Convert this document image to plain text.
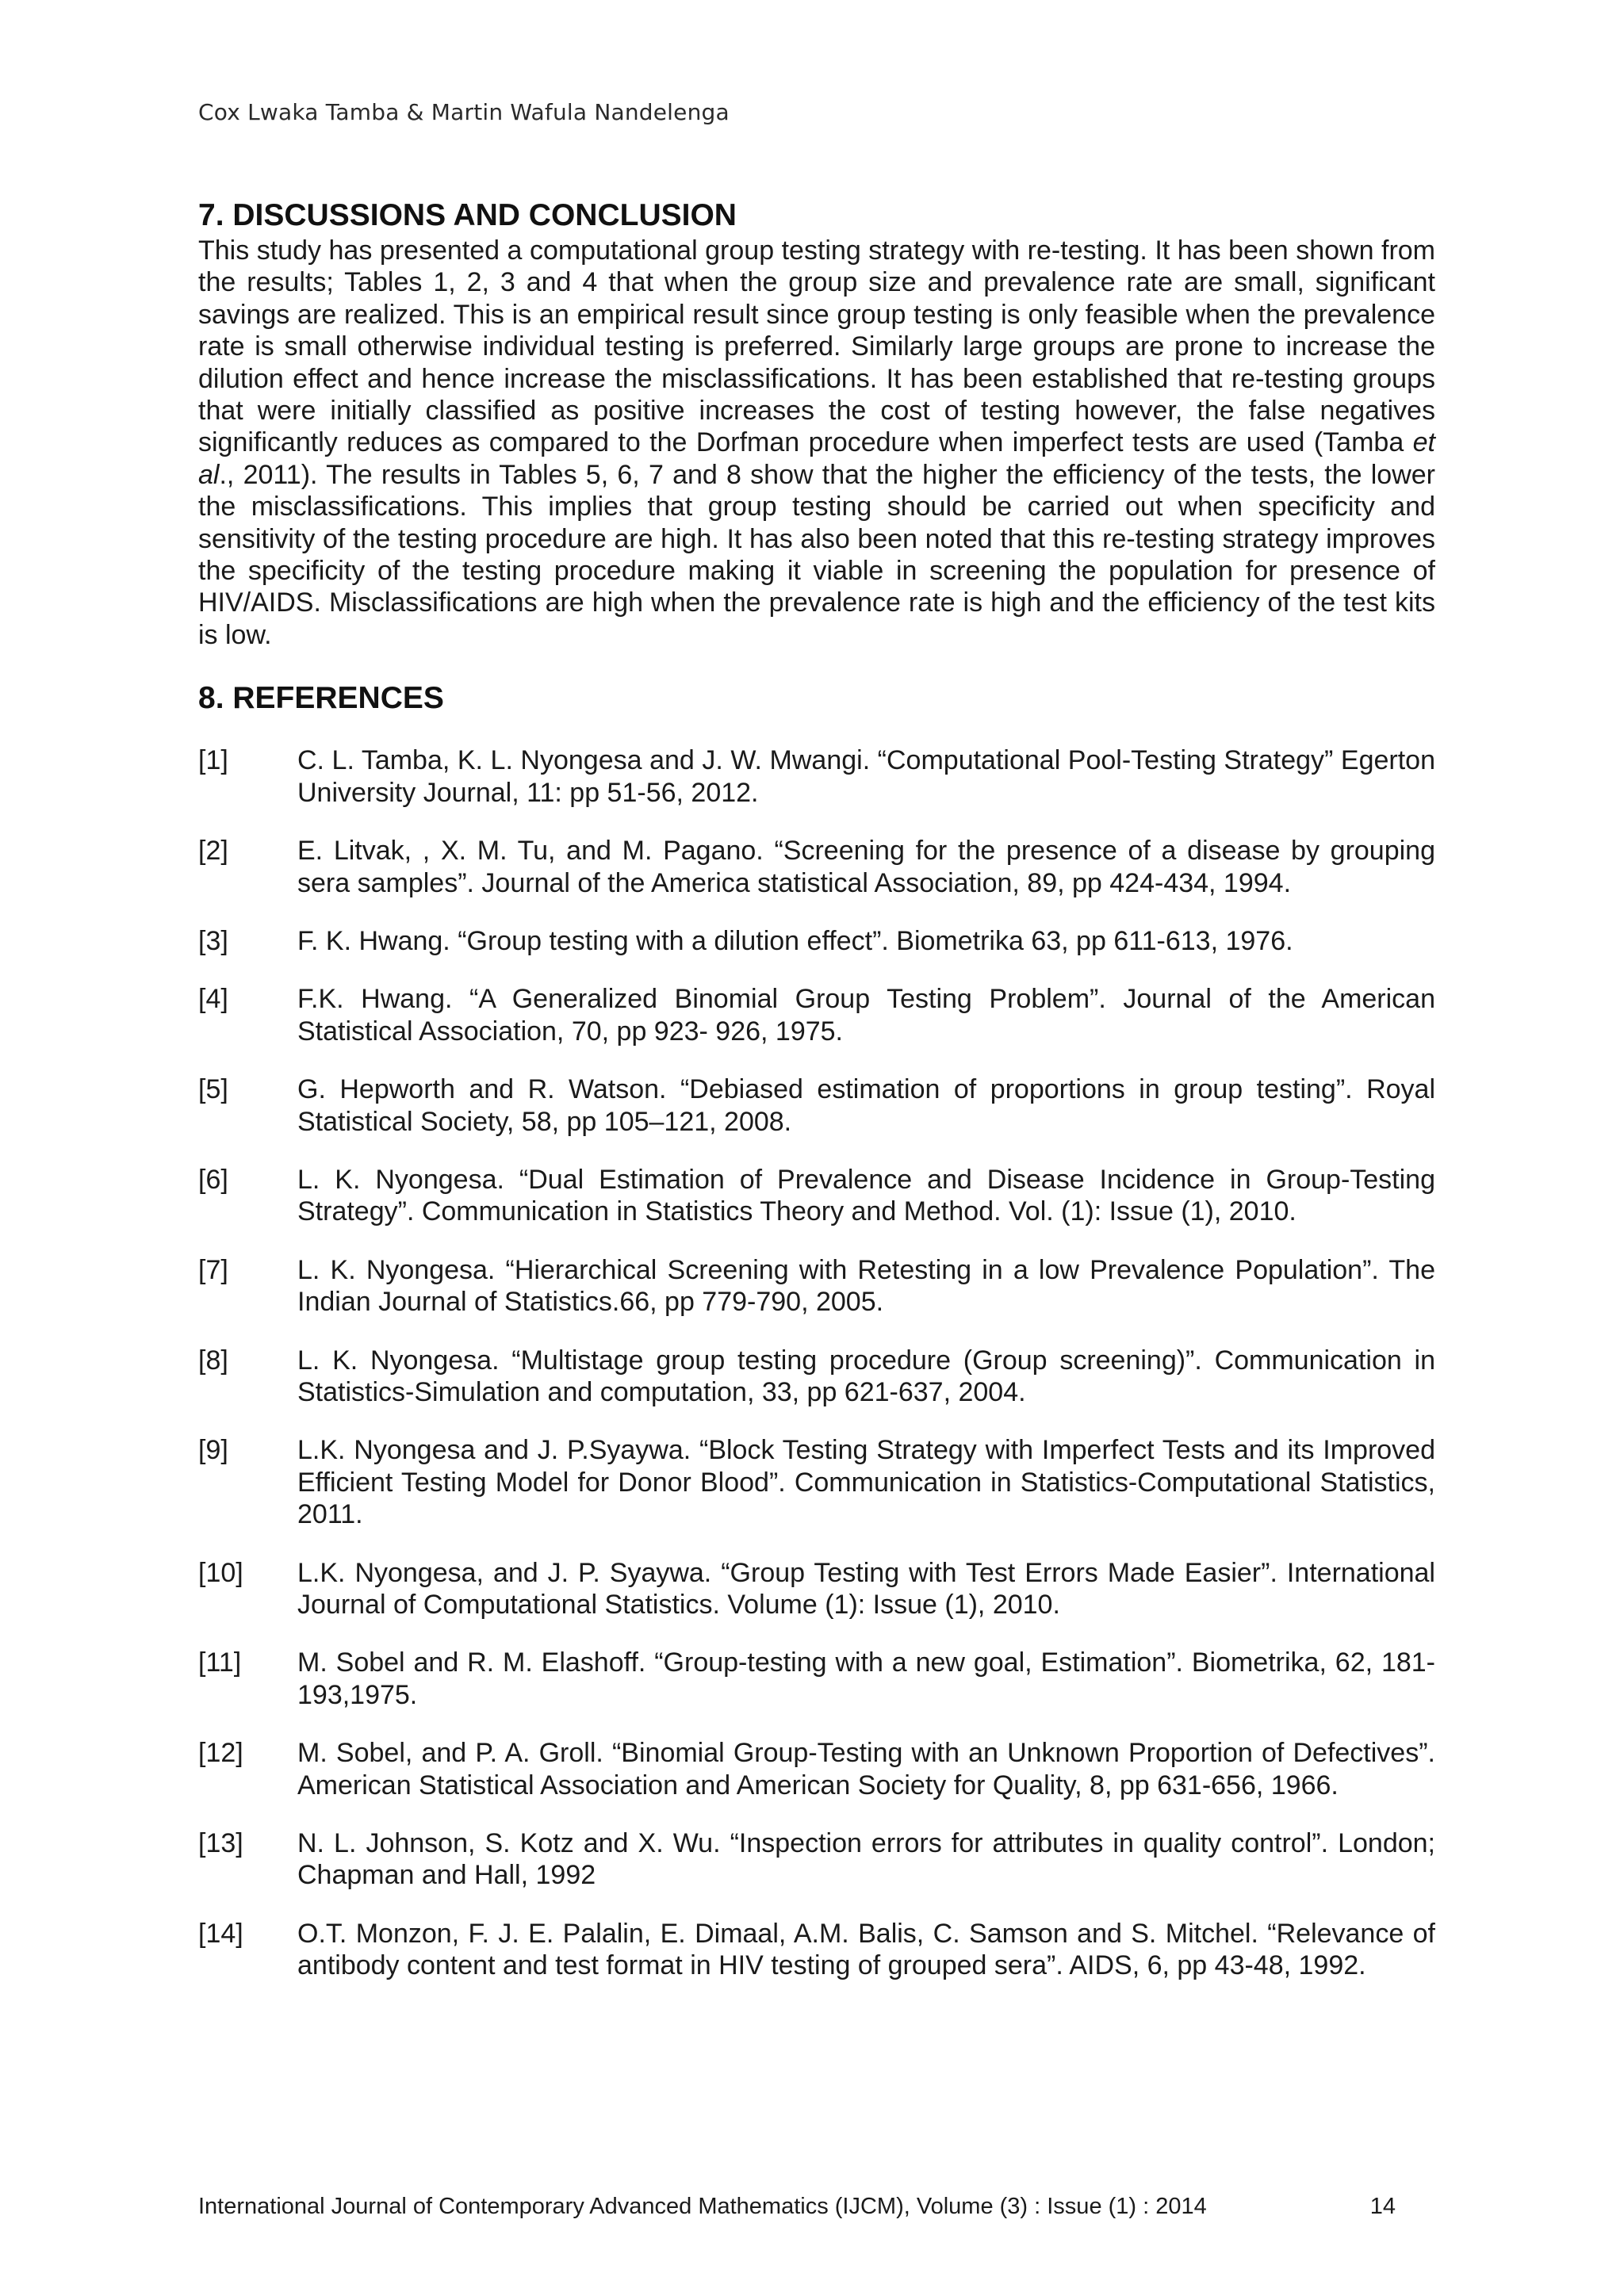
Cox Lwaka Tamba & Martin Wafula Nandelenga
7. DISCUSSIONS AND CONCLUSION

This study has presented a computational group testing strategy with re-testing. It has been shown from the results; Tables 1, 2, 3 and 4 that when the group size and prevalence rate are small, significant savings are realized. This is an empirical result since group testing is only feasible when the prevalence rate is small otherwise individual testing is preferred. Similarly large groups are prone to increase the dilution effect and hence increase the misclassifications. It has been established that re-testing groups that were initially classified as positive increases the cost of testing however, the false negatives significantly reduces as compared to the Dorfman procedure when imperfect tests are used (Tamba et al., 2011). The results in Tables 5, 6, 7 and 8 show that the higher the efficiency of the tests, the lower the misclassifications. This implies that group testing should be carried out when specificity and sensitivity of the testing procedure are high. It has also been noted that this re-testing strategy improves the specificity of the testing procedure making it viable in screening the population for presence of HIV/AIDS. Misclassifications are high when the prevalence rate is high and the efficiency of the test kits is low.

8. REFERENCES
[1]	C. L. Tamba, K. L. Nyongesa and J. W. Mwangi. “Computational Pool-Testing Strategy” Egerton University Journal, 11: pp 51-56, 2012.
[2]	E. Litvak, , X. M. Tu, and M. Pagano. “Screening for the presence of a disease by grouping sera samples”. Journal of the America statistical Association, 89, pp 424-434, 1994.
[3]	F. K. Hwang. “Group testing with a dilution effect”. Biometrika 63, pp 611-613, 1976.
[4]	F.K. Hwang. “A Generalized Binomial Group Testing Problem”. Journal of the American Statistical Association, 70, pp 923- 926, 1975.
[5]	G. Hepworth and R. Watson. “Debiased estimation of proportions in group testing”. Royal Statistical Society, 58, pp 105–121, 2008.
[6]	L. K. Nyongesa. “Dual Estimation of Prevalence and Disease Incidence in Group-Testing Strategy”. Communication in Statistics Theory and Method. Vol. (1): Issue (1), 2010.
[7]	L. K. Nyongesa. “Hierarchical Screening with Retesting in a low Prevalence Population”. The Indian Journal of Statistics.66, pp 779-790, 2005.
[8]	L. K. Nyongesa. “Multistage group testing procedure (Group screening)”. Communication in Statistics-Simulation and computation, 33, pp 621-637, 2004.
[9]	L.K. Nyongesa and J. P.Syaywa. “Block Testing Strategy with Imperfect Tests and its Improved Efficient Testing Model for Donor Blood”. Communication in Statistics-Computational Statistics, 2011.
[10]	L.K. Nyongesa, and J. P. Syaywa. “Group Testing with Test Errors Made Easier”. International Journal of Computational Statistics. Volume (1): Issue (1), 2010.
[11]	M. Sobel and R. M. Elashoff. “Group-testing with a new goal, Estimation”. Biometrika, 62, 181-193,1975.
[12]	M. Sobel, and P. A. Groll. “Binomial Group-Testing with an Unknown Proportion of Defectives”. American Statistical Association and American Society for Quality, 8, pp 631-656, 1966.
[13]	N. L. Johnson, S. Kotz and X. Wu. “Inspection errors for attributes in quality control”. London; Chapman and Hall, 1992
[14]	O.T. Monzon, F. J. E. Palalin, E. Dimaal, A.M. Balis, C. Samson and S. Mitchel. “Relevance of antibody content and test format in HIV testing of grouped sera”. AIDS, 6, pp 43-48, 1992.
International Journal of Contemporary Advanced Mathematics (IJCM), Volume (3) : Issue (1) : 2014	14
